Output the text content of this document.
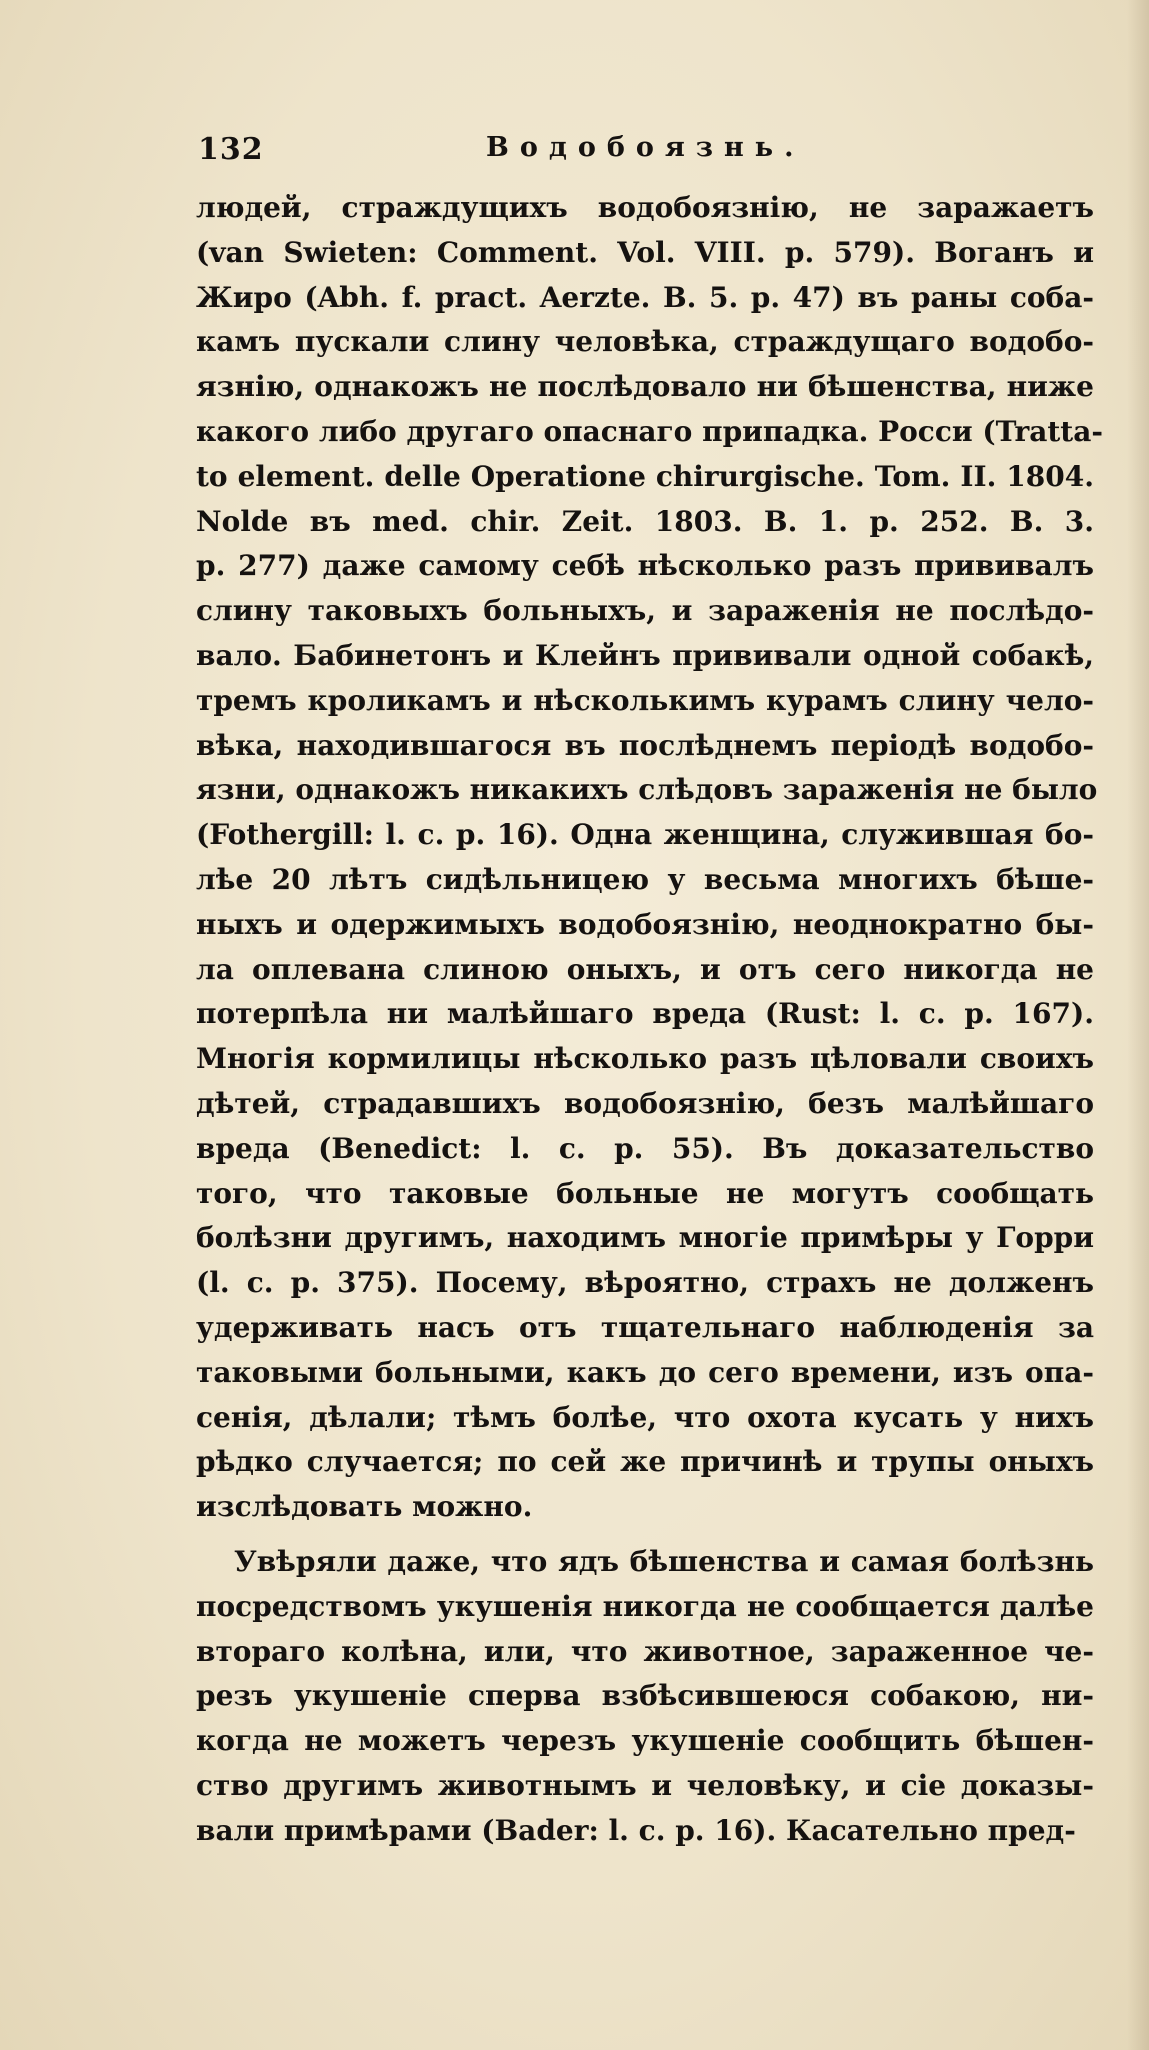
132	Водобоязнь.
людей, страждущихъ водобоязнію, не заражаетъ
(van Swieten: Comment. Vol. VIII. p. 579). Воганъ и
Жиро (Abh. f. pract. Aerzte. B. 5. p. 47) въ раны соба-
камъ пускали слину человѣка, страждущаго водобо-
язнію, однакожъ не послѣдовало ни бѣшенства, ниже
какого либо другаго опаснаго припадка. Росси (Tratta-
to element. delle Operatione chirurgische. Tom. II. 1804.
Nolde въ med. chir. Zeit. 1803. B. 1. p. 252. B. 3.
p. 277) даже самому себѣ нѣсколько разъ прививалъ
слину таковыхъ больныхъ, и зараженія не послѣдо-
вало. Бабинетонъ и Клейнъ прививали одной собакѣ,
тремъ кроликамъ и нѣсколькимъ курамъ слину чело-
вѣка, находившагося въ послѣднемъ періодѣ водобо-
язни, однакожъ никакихъ слѣдовъ зараженія не было
(Fothergill: l. c. p. 16). Одна женщина, служившая бо-
лѣе 20 лѣтъ сидѣльницею у весьма многихъ бѣше-
ныхъ и одержимыхъ водобоязнію, неоднократно бы-
ла оплевана слиною оныхъ, и отъ сего никогда не
потерпѣла ни малѣйшаго вреда (Rust: l. c. p. 167).
Многія кормилицы нѣсколько разъ цѣловали своихъ
дѣтей, страдавшихъ водобоязнію, безъ малѣйшаго
вреда (Benedict: l. c. p. 55). Въ доказательство
того, что таковые больные не могутъ сообщать
болѣзни другимъ, находимъ многіе примѣры у Горри
(l. c. p. 375). Посему, вѣроятно, страхъ не долженъ
удерживать насъ отъ тщательнаго наблюденія за
таковыми больными, какъ до сего времени, изъ опа-
сенія, дѣлали; тѣмъ болѣе, что охота кусать у нихъ
рѣдко случается; по сей же причинѣ и трупы оныхъ
изслѣдовать можно.
Увѣряли даже, что ядъ бѣшенства и самая болѣзнь
посредствомъ укушенія никогда не сообщается далѣе
втораго колѣна, или, что животное, зараженное че-
резъ укушеніе сперва взбѣсившеюся собакою, ни-
когда не можетъ черезъ укушеніе сообщить бѣшен-
ство другимъ животнымъ и человѣку, и сіе доказы-
вали примѣрами (Bader: l. c. p. 16). Касательно пред-
